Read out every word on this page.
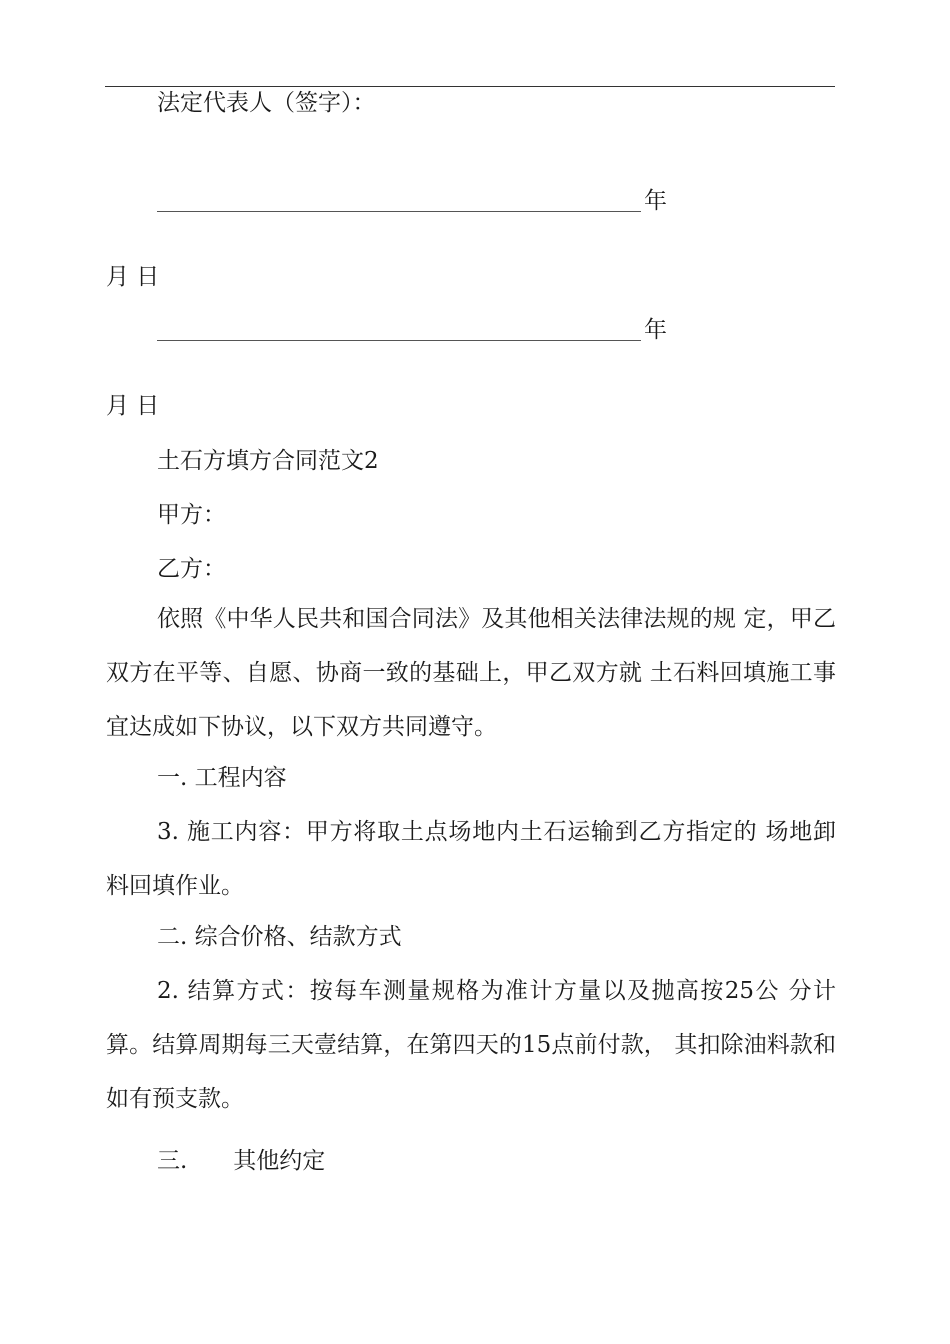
法定代表人（签字）：
年
月 日
年
月 日
土石方填方合同范文2
甲方：
乙方：

依照《中华人民共和国合同法》及其他相关法律法规的规 定，甲乙双方在平等、自愿、协商一致的基础上，甲乙双方就 土石料回填施工事宜达成如下协议，以下双方共同遵守。

一. 工程内容

3. 施工内容：甲方将取土点场地内土石运输到乙方指定的 场地卸料回填作业。

二. 综合价格、结款方式

2. 结算方式：按每车测量规格为准计方量以及抛高按25公 分计算。结算周期每三天壹结算，在第四天的15点前付款， 其扣除油料款和如有预支款。

三.　　其他约定
